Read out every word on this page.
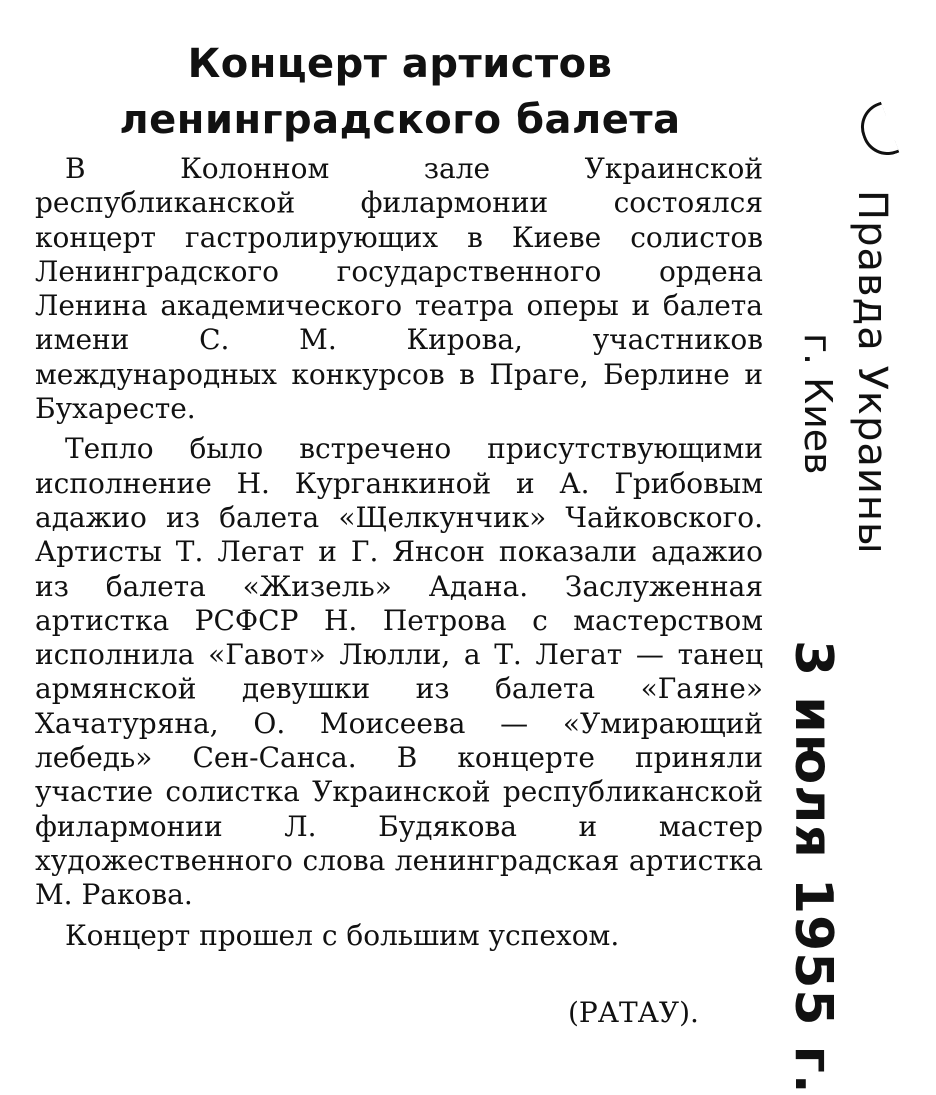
Концерт артистов
ленинградского балета

В Колонном зале Украинской республиканской филармонии состоялся концерт гастролирующих в Киеве солистов Ленинградского государственного ордена Ленина академического театра оперы и балета имени С. М. Кирова, участников международных конкурсов в Праге, Берлине и Бухаресте.

Тепло было встречено присутствующими исполнение Н. Курганкиной и А. Грибовым адажио из балета «Щелкунчик» Чайковского. Артисты Т. Легат и Г. Янсон показали адажио из балета «Жизель» Адана. Заслуженная артистка РСФСР Н. Петрова с мастерством исполнила «Гавот» Люлли, а Т. Легат — танец армянской девушки из балета «Гаяне» Хачатуряна, О. Моисеева — «Умирающий лебедь» Сен-Санса. В концерте приняли участие солистка Украинской республиканской филармонии Л. Будякова и мастер художественного слова ленинградская артистка М. Ракова.

Концерт прошел с большим успехом.

(РАТАУ).
Правда Украины
г. Киев
3 июля 1955 г.
